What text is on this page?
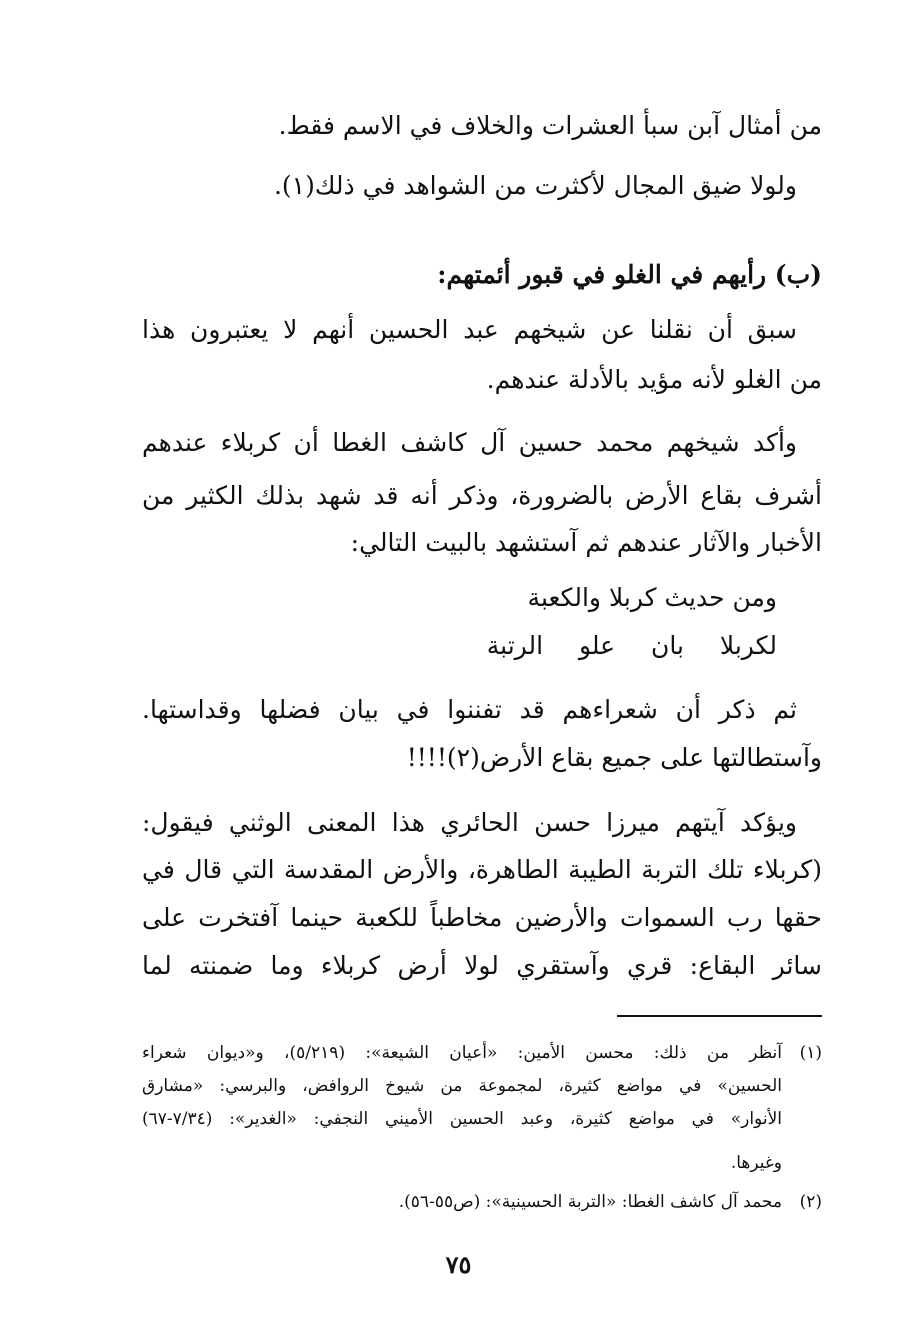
من أمثال آبن سبأ العشرات والخلاف في الاسم فقط.

ولولا ضيق المجال لأكثرت من الشواهد في ذلك(١).

(ب) رأيهم في الغلو في قبور أئمتهم:

سبق أن نقلنا عن شيخهم عبد الحسين أنهم لا يعتبرون هذا

من الغلو لأنه مؤيد بالأدلة عندهم.

وأكد شيخهم محمد حسين آل كاشف الغطا أن كربلاء عندهم

أشرف بقاع الأرض بالضرورة، وذكر أنه قد شهد بذلك الكثير من

الأخبار والآثار عندهم ثم آستشهد بالبيت التالي:

ومن حديث كربلا والكعبة

لكربلا بان علو الرتبة

ثم ذكر أن شعراءهم قد تفننوا في بيان فضلها وقداستها.

وآستطالتها على جميع بقاع الأرض(٢)!!!!

ويؤكد آيتهم ميرزا حسن الحائري هذا المعنى الوثني فيقول:

(كربلاء تلك التربة الطيبة الطاهرة، والأرض المقدسة التي قال في

حقها رب السموات والأرضين مخاطباً للكعبة حينما آفتخرت على

سائر البقاع: قري وآستقري لولا أرض كربلاء وما ضمنته لما

(١)آنظر من ذلك: محسن الأمين: «أعيان الشيعة»: (٥/٢١٩)، و«ديوان شعراء

الحسين» في مواضع كثيرة، لمجموعة من شيوخ الروافض، والبرسي: «مشارق

الأنوار» في مواضع كثيرة، وعبد الحسين الأميني النجفي: «الغدير»: (٧/٣٤-٦٧)

وغيرها.

(٢)محمد آل كاشف الغطا: «التربة الحسينية»: (ص٥٥-٥٦).

٧٥
